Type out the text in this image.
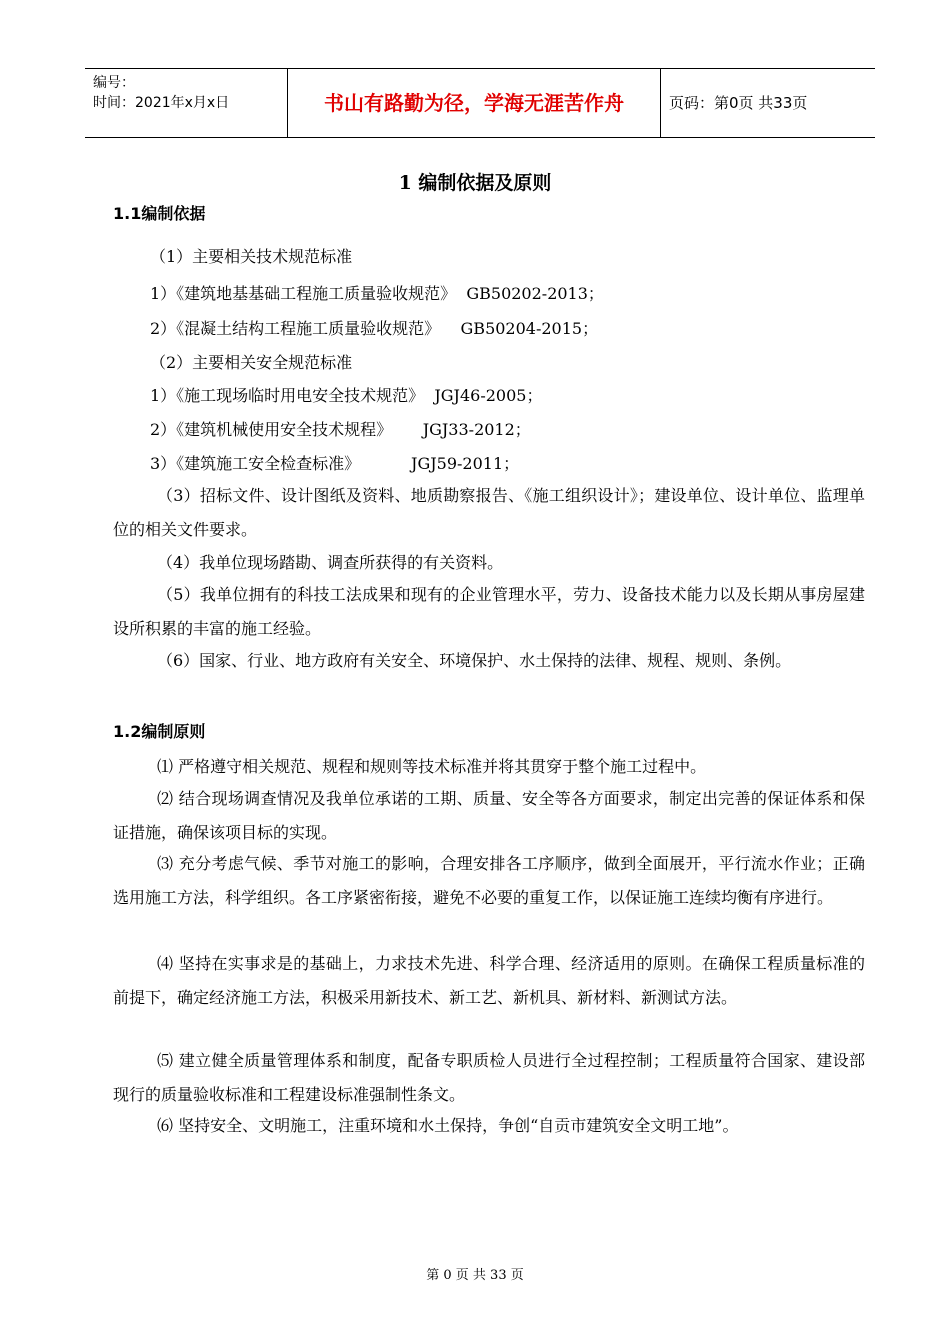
编号：
时间：2021年x月x日	书山有路勤为径，学海无涯苦作舟	页码：第0页 共33页
1 编制依据及原则
1.1编制依据
（1）主要相关技术规范标准
1）《建筑地基基础工程施工质量验收规范》  GB50202-2013；
2）《混凝土结构工程施工质量验收规范》    GB50204-2015；
（2）主要相关安全规范标准
1）《施工现场临时用电安全技术规范》  JGJ46-2005；
2）《建筑机械使用安全技术规程》      JGJ33-2012；
3）《建筑施工安全检查标准》          JGJ59-2011；
（3）招标文件、设计图纸及资料、地质勘察报告、《施工组织设计》；建设单位、设计单位、监理单位的相关文件要求。
（4）我单位现场踏勘、调查所获得的有关资料。
（5）我单位拥有的科技工法成果和现有的企业管理水平，劳力、设备技术能力以及长期从事房屋建设所积累的丰富的施工经验。
（6）国家、行业、地方政府有关安全、环境保护、水土保持的法律、规程、规则、条例。
1.2编制原则
⑴ 严格遵守相关规范、规程和规则等技术标准并将其贯穿于整个施工过程中。
⑵ 结合现场调查情况及我单位承诺的工期、质量、安全等各方面要求，制定出完善的保证体系和保证措施，确保该项目标的实现。
⑶ 充分考虑气候、季节对施工的影响，合理安排各工序顺序，做到全面展开，平行流水作业；正确选用施工方法，科学组织。各工序紧密衔接，避免不必要的重复工作，以保证施工连续均衡有序进行。
⑷ 坚持在实事求是的基础上，力求技术先进、科学合理、经济适用的原则。在确保工程质量标准的前提下，确定经济施工方法，积极采用新技术、新工艺、新机具、新材料、新测试方法。
⑸ 建立健全质量管理体系和制度，配备专职质检人员进行全过程控制；工程质量符合国家、建设部现行的质量验收标准和工程建设标准强制性条文。
⑹ 坚持安全、文明施工，注重环境和水土保持，争创“自贡市建筑安全文明工地”。
第 0 页 共 33 页
